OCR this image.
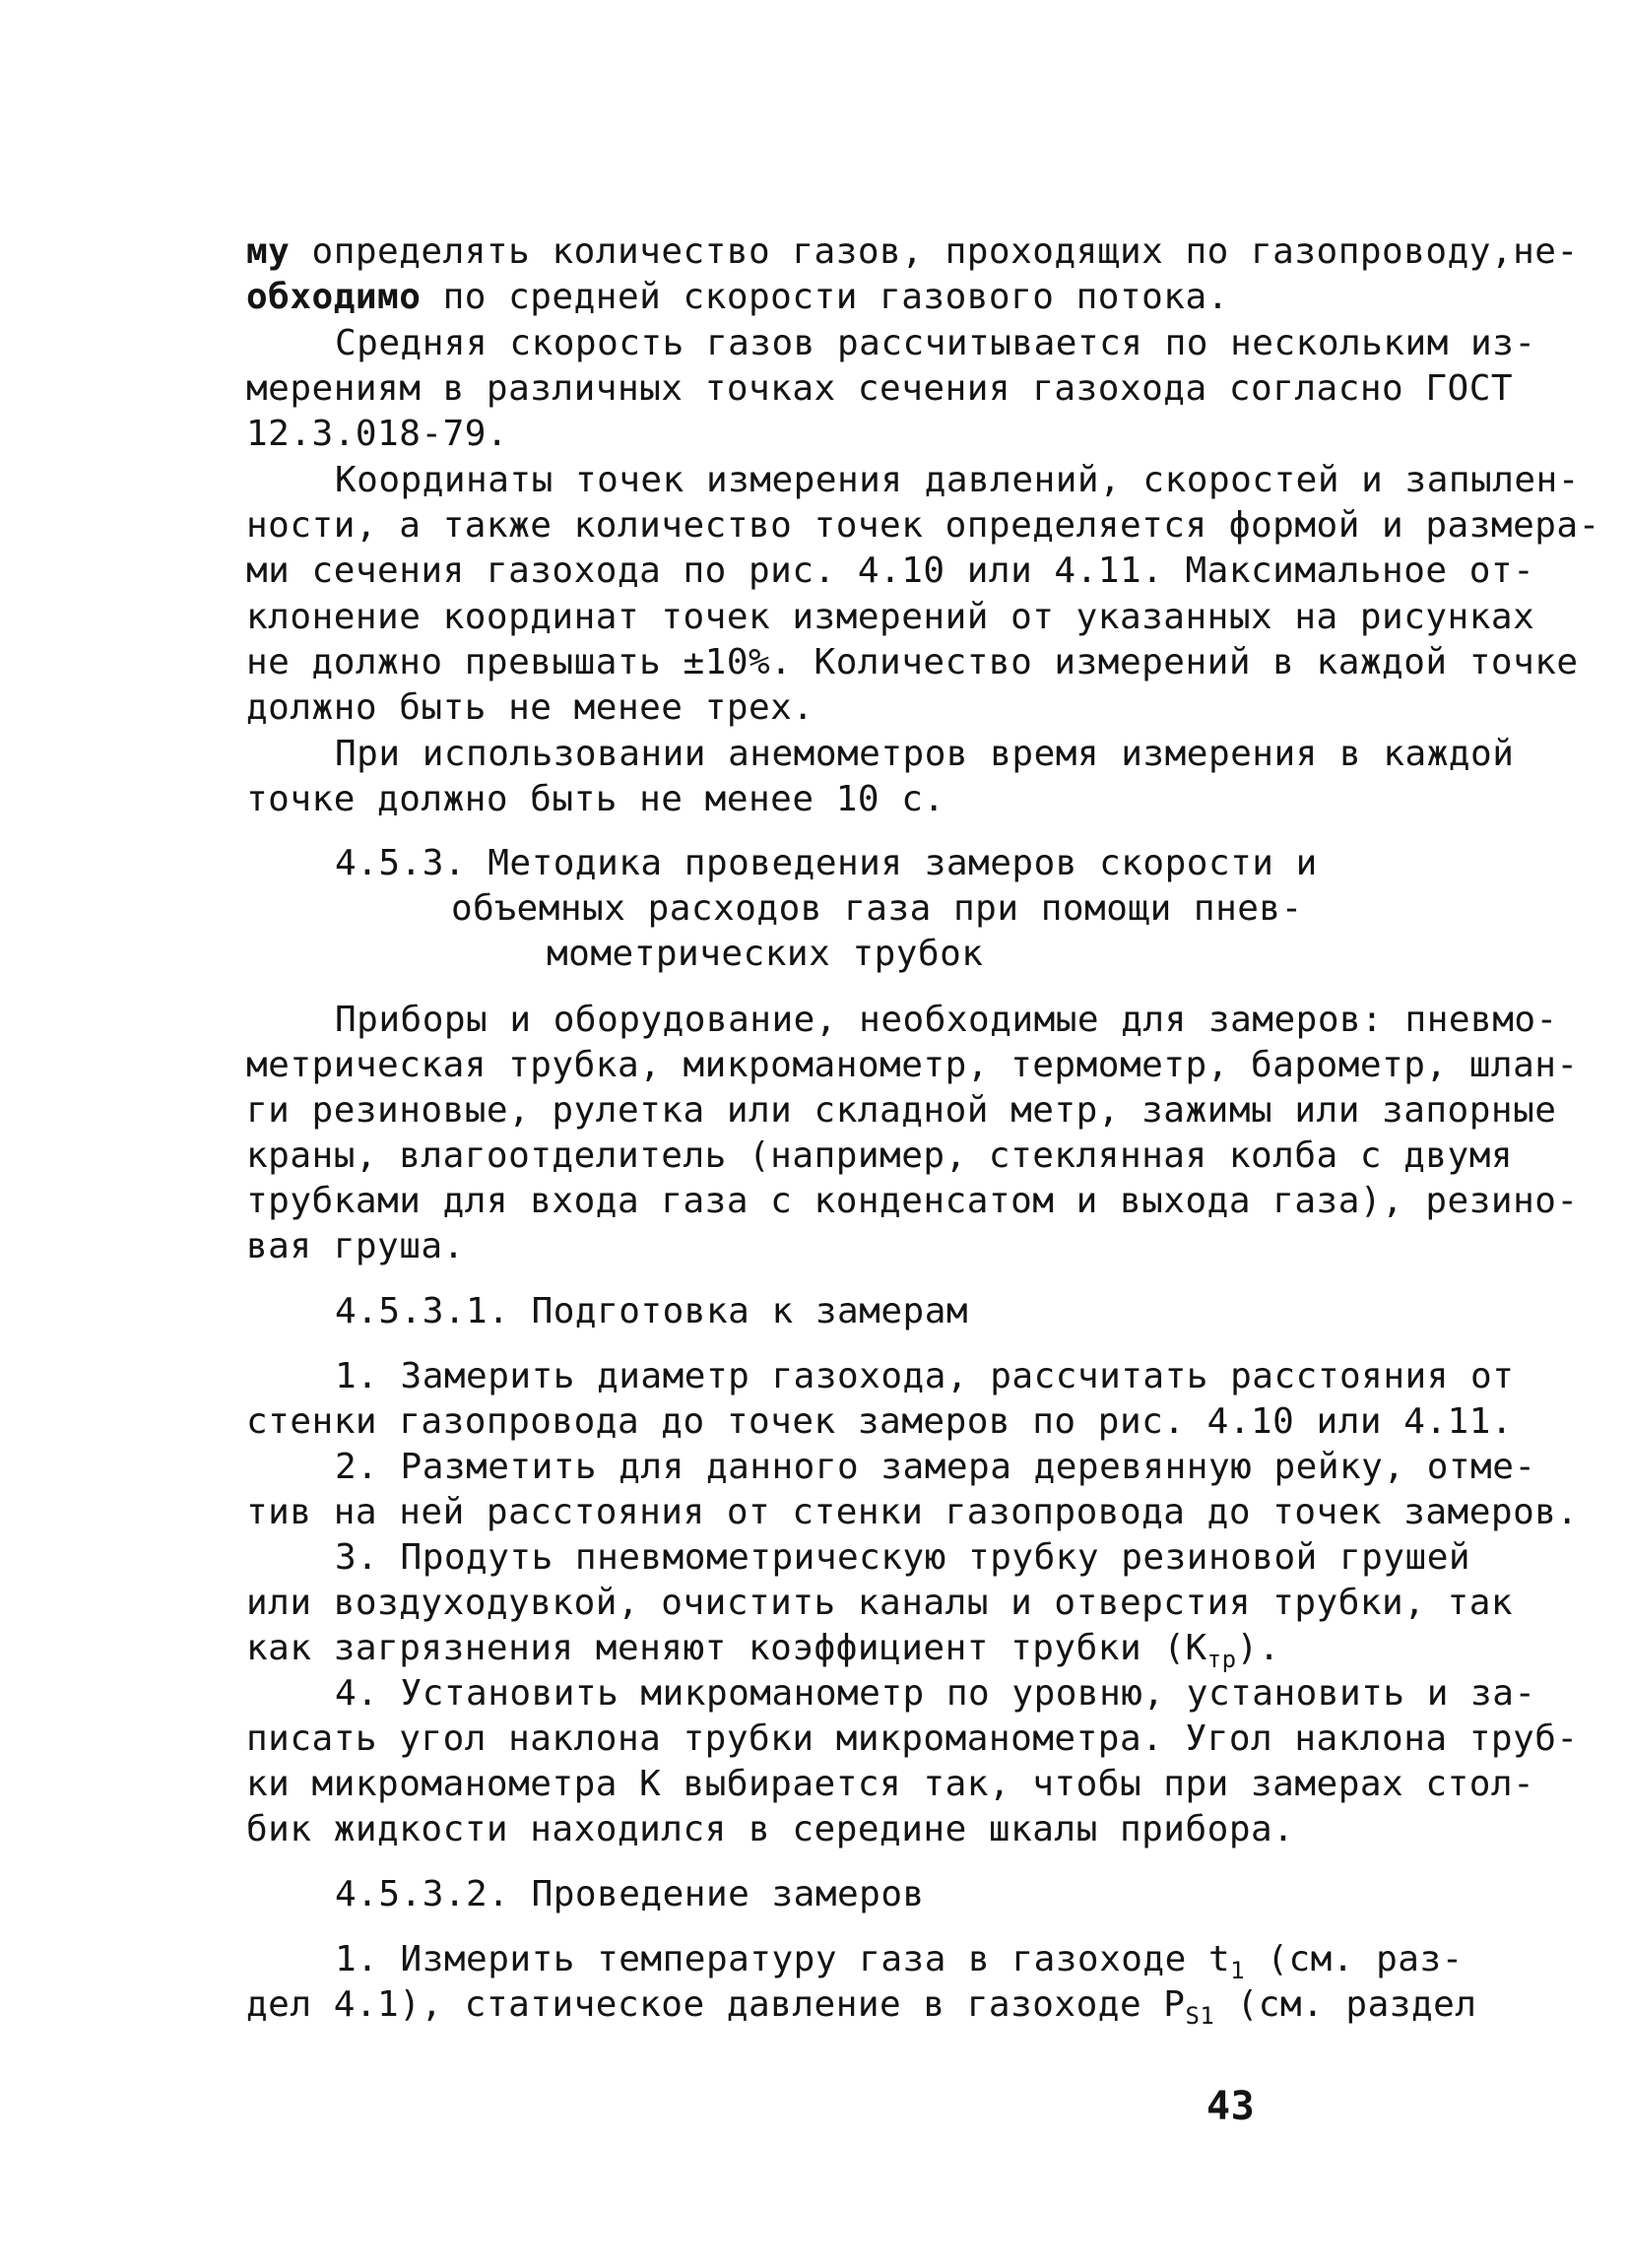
му определять количество газов, проходящих по газопроводу,не-
обходимо по средней скорости газового потока.
Средняя скорость газов рассчитывается по нескольким из-
мерениям в различных точках сечения газохода согласно ГОСТ
12.3.018-79.
Координаты точек измерения давлений, скоростей и запылен-
ности, а также количество точек определяется формой и размера-
ми сечения газохода по рис. 4.10 или 4.11. Максимальное от-
клонение координат точек измерений от указанных на рисунках
не должно превышать ±10%. Количество измерений в каждой точке
должно быть не менее трех.
При использовании анемометров время измерения в каждой
точке должно быть не менее 10 с.
4.5.3. Методика проведения замеров скорости и
объемных расходов газа при помощи пнев-
мометрических трубок
Приборы и оборудование, необходимые для замеров: пневмо-
метрическая трубка, микроманометр, термометр, барометр, шлан-
ги резиновые, рулетка или складной метр, зажимы или запорные
краны, влагоотделитель (например, стеклянная колба с двумя
трубками для входа газа с конденсатом и выхода газа), резино-
вая груша.
4.5.3.1. Подготовка к замерам
1. Замерить диаметр газохода, рассчитать расстояния от
стенки газопровода до точек замеров по рис. 4.10 или 4.11.
2. Разметить для данного замера деревянную рейку, отме-
тив на ней расстояния от стенки газопровода до точек замеров.
3. Продуть пневмометрическую трубку резиновой грушей
или воздуходувкой, очистить каналы и отверстия трубки, так
как загрязнения меняют коэффициент трубки $(К_{тр})$.
4. Установить микроманометр по уровню, установить и за-
писать угол наклона трубки микроманометра. Угол наклона труб-
ки микроманометра К выбирается так, чтобы при замерах стол-
бик жидкости находился в середине шкалы прибора.
4.5.3.2. Проведение замеров
1. Измерить температуру газа в газоходе $t_1$ (см. раз-
дел 4.1), статическое давление в газоходе $P_{S1}$ (см. раздел
43
